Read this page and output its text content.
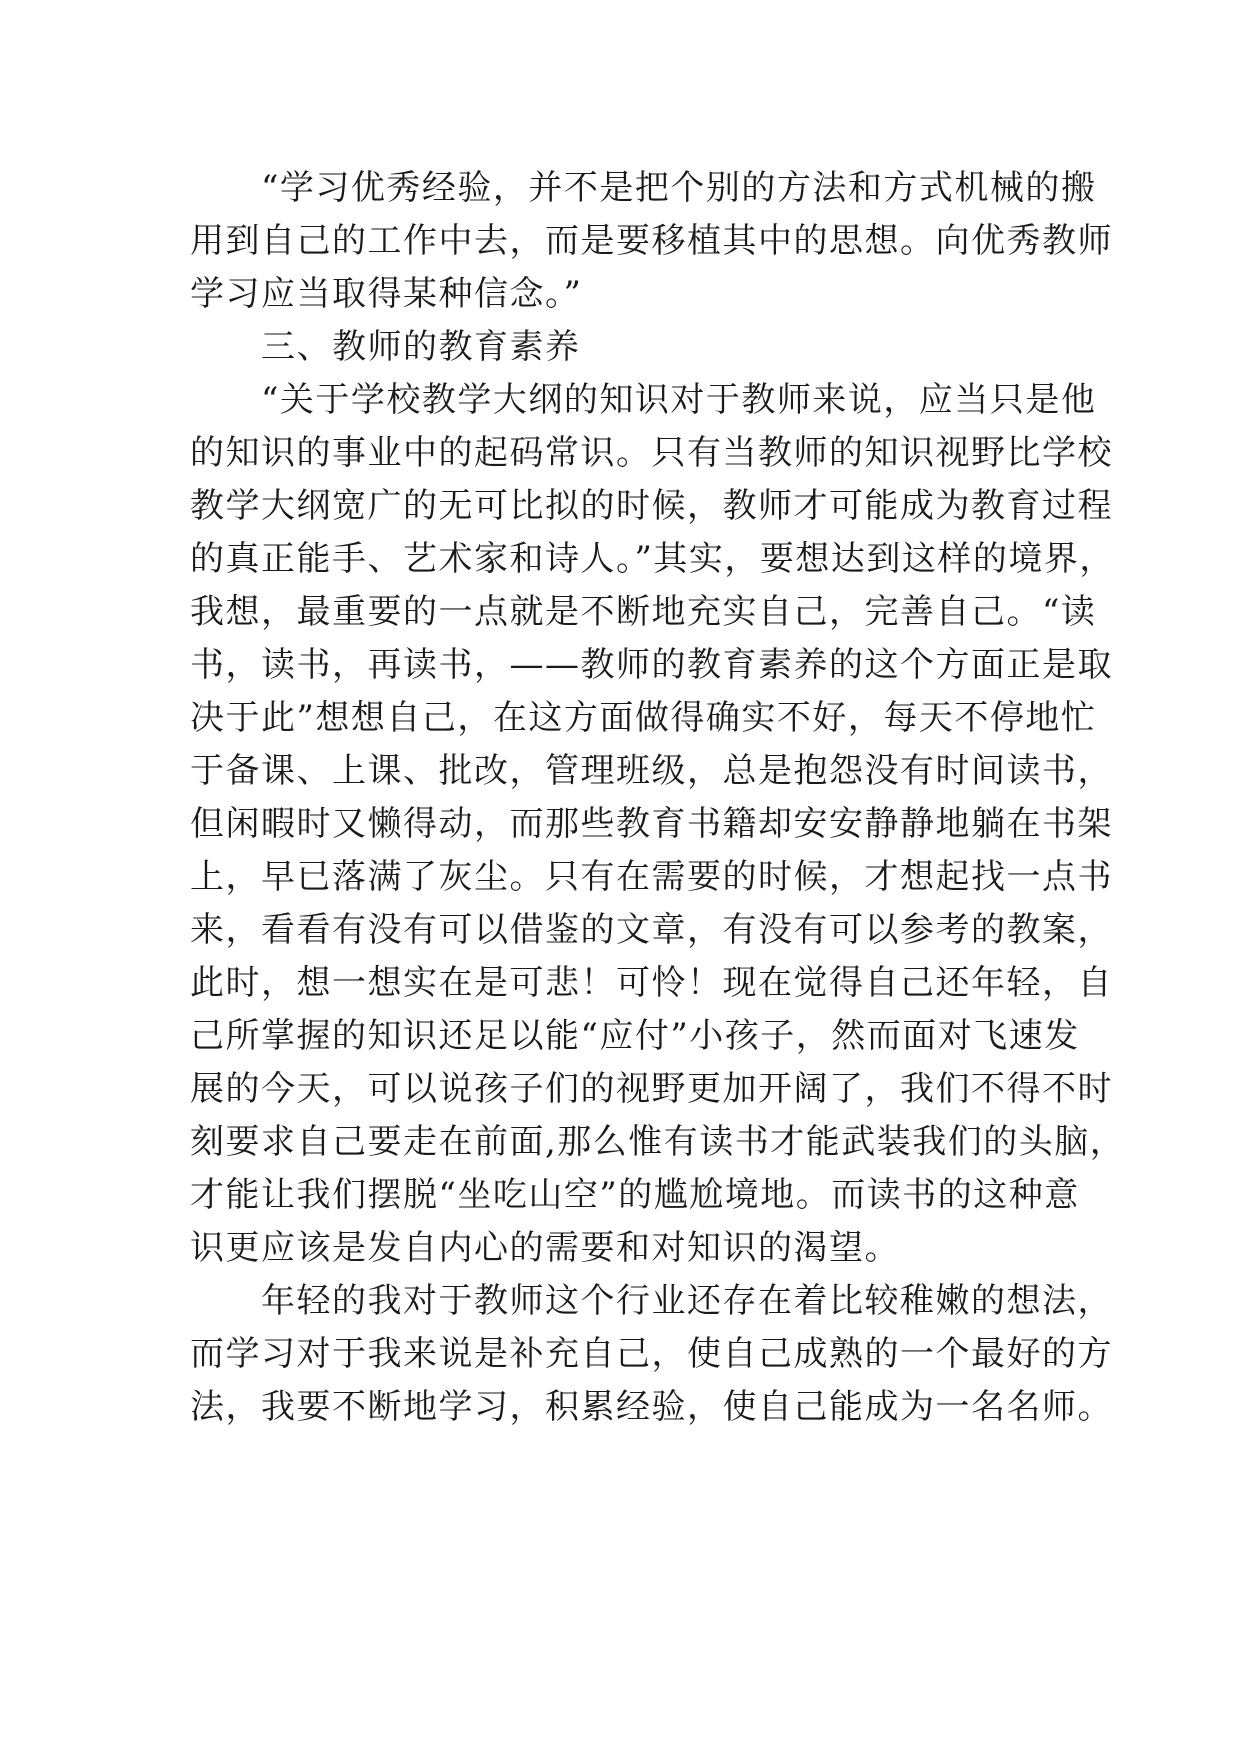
　　“学习优秀经验，并不是把个别的方法和方式机械的搬

用到自己的工作中去，而是要移植其中的思想。向优秀教师

学习应当取得某种信念。”

　　三、教师的教育素养

　　“关于学校教学大纲的知识对于教师来说，应当只是他

的知识的事业中的起码常识。只有当教师的知识视野比学校

教学大纲宽广的无可比拟的时候，教师才可能成为教育过程

的真正能手、艺术家和诗人。”其实，要想达到这样的境界，

我想，最重要的一点就是不断地充实自己，完善自己。“读

书，读书，再读书，——教师的教育素养的这个方面正是取

决于此”想想自己，在这方面做得确实不好，每天不停地忙

于备课、上课、批改，管理班级，总是抱怨没有时间读书，

但闲暇时又懒得动，而那些教育书籍却安安静静地躺在书架

上，早已落满了灰尘。只有在需要的时候，才想起找一点书

来，看看有没有可以借鉴的文章，有没有可以参考的教案，

此时，想一想实在是可悲！可怜！现在觉得自己还年轻，自

己所掌握的知识还足以能“应付”小孩子，然而面对飞速发

展的今天，可以说孩子们的视野更加开阔了，我们不得不时

刻要求自己要走在前面,那么惟有读书才能武装我们的头脑，

才能让我们摆脱“坐吃山空”的尴尬境地。而读书的这种意

识更应该是发自内心的需要和对知识的渴望。

　　年轻的我对于教师这个行业还存在着比较稚嫩的想法，

而学习对于我来说是补充自己，使自己成熟的一个最好的方

法，我要不断地学习，积累经验，使自己能成为一名名师。
